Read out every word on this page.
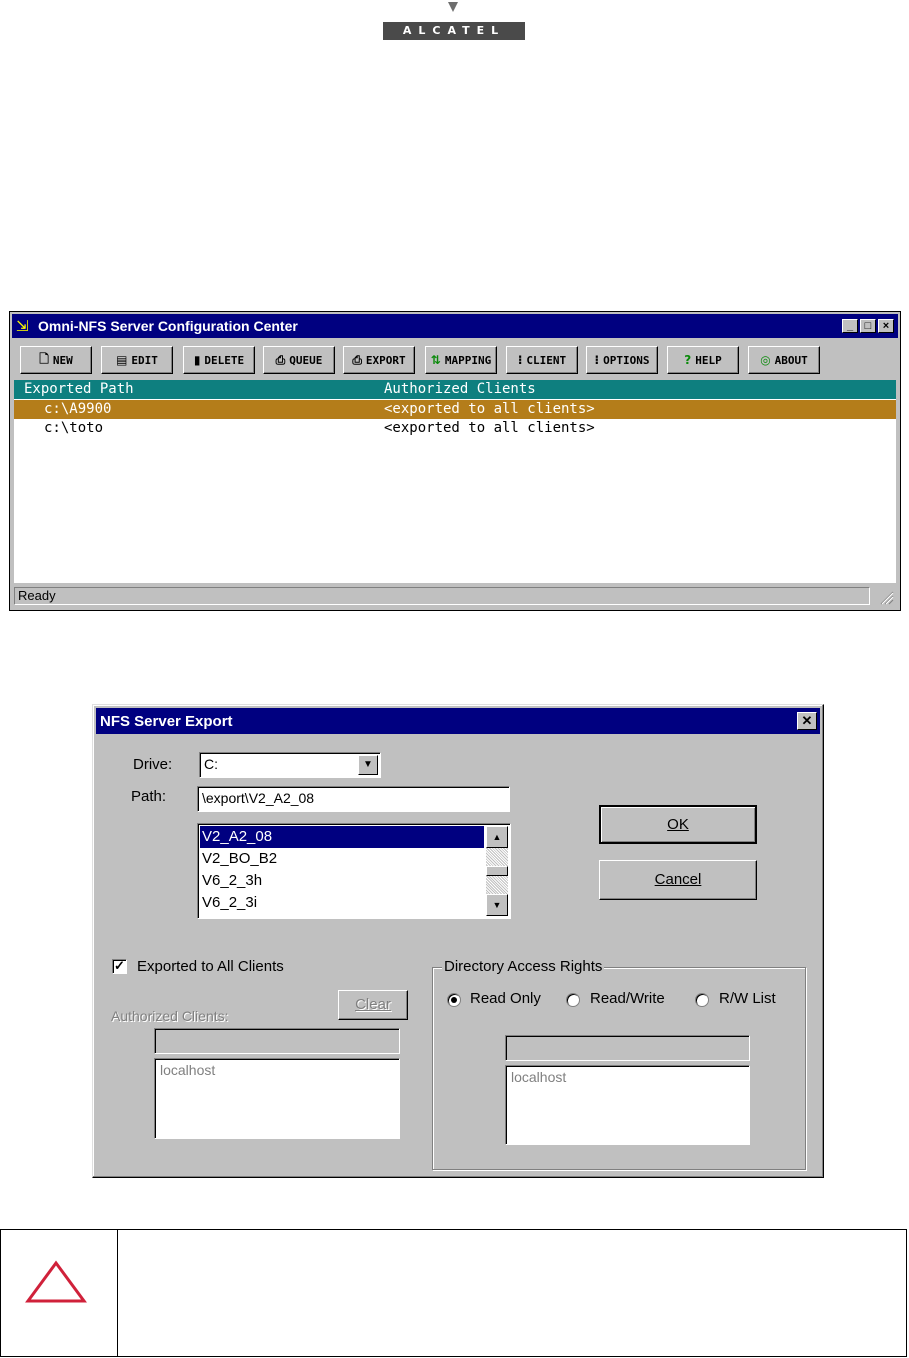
ALCATEL
⇲ Omni-NFS Server Configuration Center	_	□	×
🗋 NEW	▤ EDIT	▮ DELETE	⎙ QUEUE ⎙ EXPORT ⇅ MAPPING ⁝ CLIENT ⁝ OPTIONS	? HELP	◎ ABOUT
Exported Path	Authorized Clients
c:\A9900	<exported to all clients>
c:\toto	<exported to all clients>
Ready
NFS Server Export	✕
Drive:	C:	▼
Path:	\export\V2_A2_08
V2_A2_08
V2_BO_B2
V6_2_3h
V6_2_3i
▲
▼
OK
Cancel
✓ Exported to All Clients
Clear
Authorized Clients:
localhost
Directory Access Rights
Read Only	Read/Write	R/W List
localhost
